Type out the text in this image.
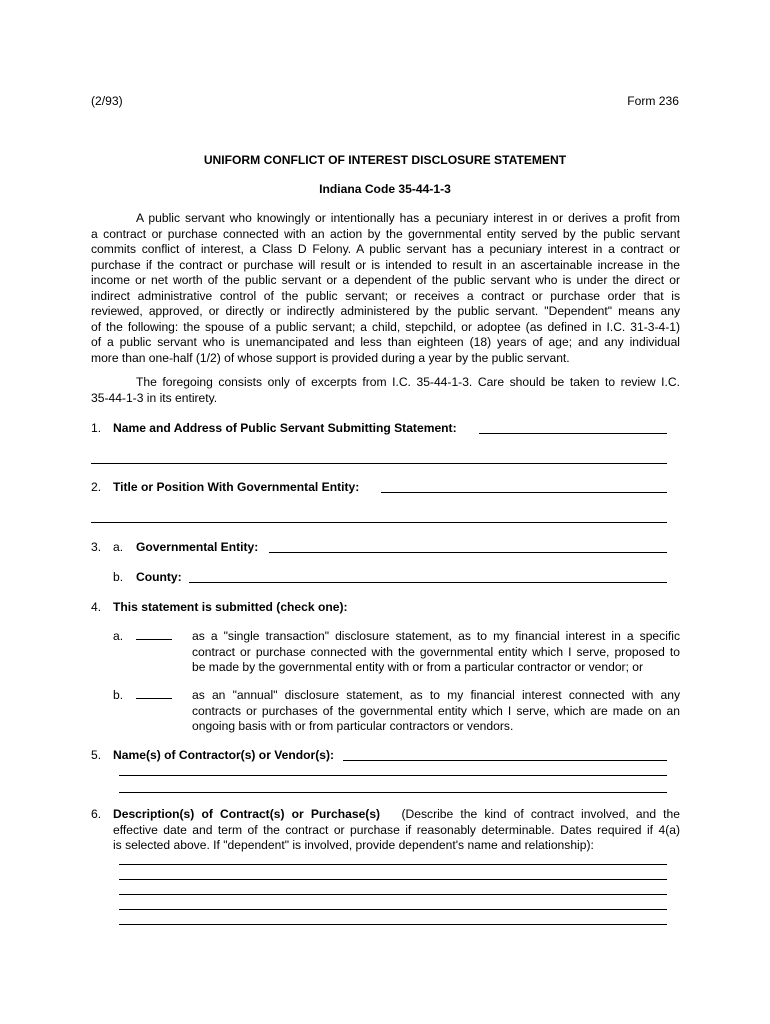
(2/93)	Form 236
UNIFORM CONFLICT OF INTEREST DISCLOSURE STATEMENT
Indiana Code 35-44-1-3
A public servant who knowingly or intentionally has a pecuniary interest in or derives a profit from
a contract or purchase connected with an action by the governmental entity served by the public servant
commits conflict of interest, a Class D Felony. A public servant has a pecuniary interest in a contract or
purchase if the contract or purchase will result or is intended to result in an ascertainable increase in the
income or net worth of the public servant or a dependent of the public servant who is under the direct or
indirect administrative control of the public servant; or receives a contract or purchase order that is
reviewed, approved, or directly or indirectly administered by the public servant. "Dependent" means any
of the following: the spouse of a public servant; a child, stepchild, or adoptee (as defined in I.C. 31-3-4-1)
of a public servant who is unemancipated and less than eighteen (18) years of age; and any individual
more than one-half (1/2) of whose support is provided during a year by the public servant.
The foregoing consists only of excerpts from I.C. 35-44-1-3. Care should be taken to review I.C.
35-44-1-3 in its entirety.
1. Name and Address of Public Servant Submitting Statement:
2. Title or Position With Governmental Entity:
3. a. Governmental Entity:
b. County:
4. This statement is submitted (check one):
a.	as a "single transaction" disclosure statement, as to my financial interest in a specific
contract or purchase connected with the governmental entity which I serve, proposed to
be made by the governmental entity with or from a particular contractor or vendor; or
b.	as an "annual" disclosure statement, as to my financial interest connected with any
contracts or purchases of the governmental entity which I serve, which are made on an
ongoing basis with or from particular contractors or vendors.
5. Name(s) of Contractor(s) or Vendor(s):
6. Description(s) of Contract(s) or Purchase(s) (Describe the kind of contract involved, and the
effective date and term of the contract or purchase if reasonably determinable. Dates required if 4(a)
is selected above. If "dependent" is involved, provide dependent's name and relationship):
